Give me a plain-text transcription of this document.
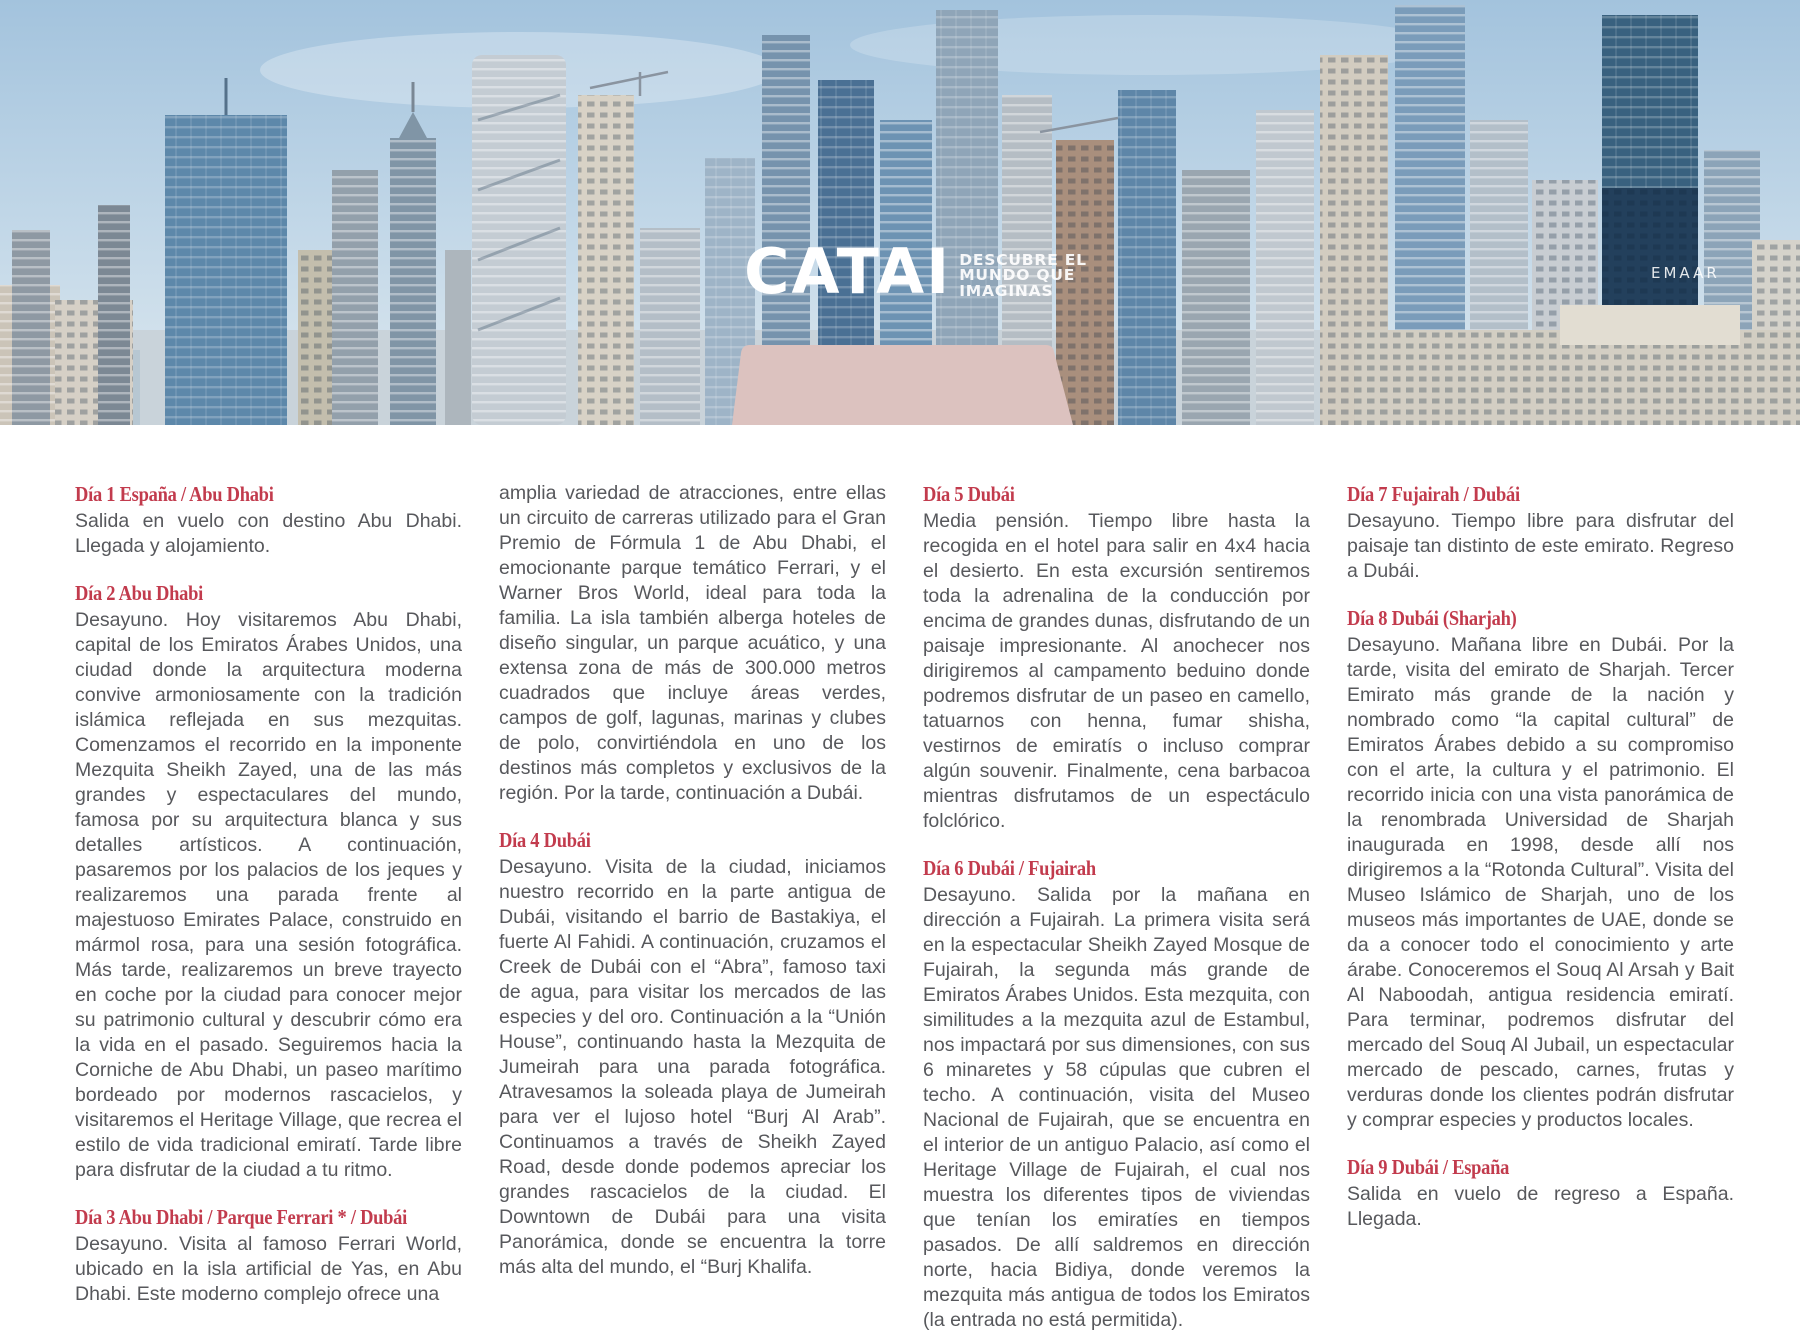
CATAI DESCUBRE EL
MUNDO QUE
IMAGINAS
EMAAR
Día 1 España / Abu Dhabi

Salida en vuelo con destino Abu Dhabi. Llegada y alojamiento.

Día 2 Abu Dhabi

Desayuno. Hoy visitaremos Abu Dhabi, capital de los Emiratos Árabes Unidos, una ciudad donde la arquitectura moderna convive armoniosamente con la tradición islámica reflejada en sus mezquitas. Comenzamos el recorrido en la imponente Mezquita Sheikh Zayed, una de las más grandes y espectaculares del mundo, famosa por su arquitectura blanca y sus detalles artísticos. A continuación, pasaremos por los palacios de los jeques y realizaremos una parada frente al majestuoso Emirates Palace, construido en mármol rosa, para una sesión fotográfica. Más tarde, realizaremos un breve trayecto en coche por la ciudad para conocer mejor su patrimonio cultural y descubrir cómo era la vida en el pasado. Seguiremos hacia la Corniche de Abu Dhabi, un paseo marítimo bordeado por modernos rascacielos, y visitaremos el Heritage Village, que recrea el estilo de vida tradicional emiratí. Tarde libre para disfrutar de la ciudad a tu ritmo.

Día 3 Abu Dhabi / Parque Ferrari * / Dubái

Desayuno. Visita al famoso Ferrari World, ubicado en la isla artificial de Yas, en Abu Dhabi. Este moderno complejo ofrece una

amplia variedad de atracciones, entre ellas un circuito de carreras utilizado para el Gran Premio de Fórmula 1 de Abu Dhabi, el emocionante parque temático Ferrari, y el Warner Bros World, ideal para toda la familia. La isla también alberga hoteles de diseño singular, un parque acuático, y una extensa zona de más de 300.000 metros cuadrados que incluye áreas verdes, campos de golf, lagunas, marinas y clubes de polo, convirtiéndola en uno de los destinos más completos y exclusivos de la región. Por la tarde, continuación a Dubái.

Día 4 Dubái

Desayuno. Visita de la ciudad, iniciamos nuestro recorrido en la parte antigua de Dubái, visitando el barrio de Bastakiya, el fuerte Al Fahidi. A continuación, cruzamos el Creek de Dubái con el “Abra”, famoso taxi de agua, para visitar los mercados de las especies y del oro. Continuación a la “Unión House”, continuando hasta la Mezquita de Jumeirah para una parada fotográfica. Atravesamos la soleada playa de Jumeirah para ver el lujoso hotel “Burj Al Arab”. Continuamos a través de Sheikh Zayed Road, desde donde podemos apreciar los grandes rascacielos de la ciudad. El Downtown de Dubái para una visita Panorámica, donde se encuentra la torre más alta del mundo, el “Burj Khalifa.

Día 5 Dubái

Media pensión. Tiempo libre hasta la recogida en el hotel para salir en 4x4 hacia el desierto. En esta excursión sentiremos toda la adrenalina de la conducción por encima de grandes dunas, disfrutando de un paisaje impresionante. Al anochecer nos dirigiremos al campamento beduino donde podremos disfrutar de un paseo en camello, tatuarnos con henna, fumar shisha, vestirnos de emiratís o incluso comprar algún souvenir. Finalmente, cena barbacoa mientras disfrutamos de un espectáculo folclórico.

Día 6 Dubái / Fujairah

Desayuno. Salida por la mañana en dirección a Fujairah. La primera visita será en la espectacular Sheikh Zayed Mosque de Fujairah, la segunda más grande de Emiratos Árabes Unidos. Esta mezquita, con similitudes a la mezquita azul de Estambul, nos impactará por sus dimensiones, con sus 6 minaretes y 58 cúpulas que cubren el techo. A continuación, visita del Museo Nacional de Fujairah, que se encuentra en el interior de un antiguo Palacio, así como el Heritage Village de Fujairah, el cual nos muestra los diferentes tipos de viviendas que tenían los emiratíes en tiempos pasados. De allí saldremos en dirección norte, hacia Bidiya, donde veremos la mezquita más antigua de todos los Emiratos (la entrada no está permitida).

Día 7 Fujairah / Dubái

Desayuno. Tiempo libre para disfrutar del paisaje tan distinto de este emirato. Regreso a Dubái.

Día 8 Dubái (Sharjah)

Desayuno. Mañana libre en Dubái. Por la tarde, visita del emirato de Sharjah. Tercer Emirato más grande de la nación y nombrado como “la capital cultural” de Emiratos Árabes debido a su compromiso con el arte, la cultura y el patrimonio. El recorrido inicia con una vista panorámica de la renombrada Universidad de Sharjah inaugurada en 1998, desde allí nos dirigiremos a la “Rotonda Cultural”. Visita del Museo Islámico de Sharjah, uno de los museos más importantes de UAE, donde se da a conocer todo el conocimiento y arte árabe. Conoceremos el Souq Al Arsah y Bait Al Naboodah, antigua residencia emiratí. Para terminar, podremos disfrutar del mercado del Souq Al Jubail, un espectacular mercado de pescado, carnes, frutas y verduras donde los clientes podrán disfrutar y comprar especies y productos locales.

Día 9 Dubái / España

Salida en vuelo de regreso a España. Llegada.
